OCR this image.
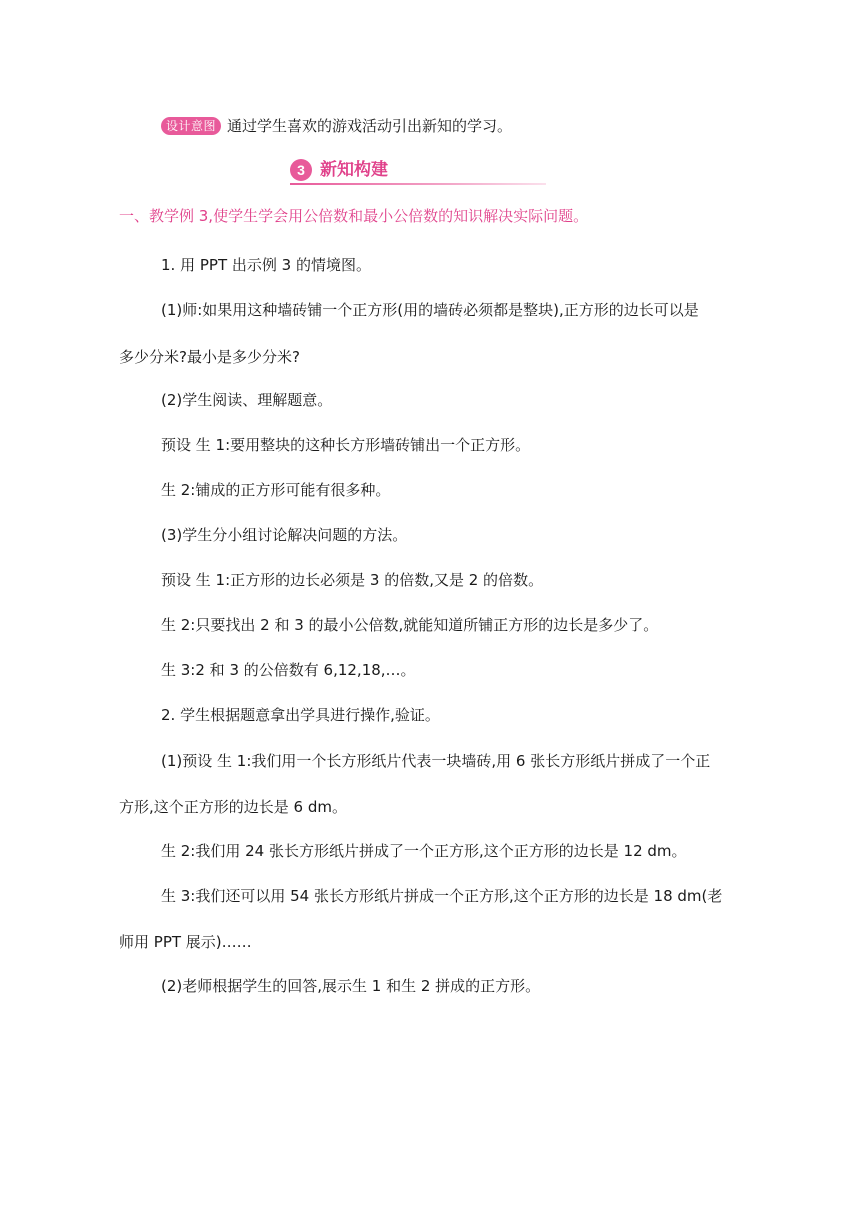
设计意图 通过学生喜欢的游戏活动引出新知的学习。
3 新知构建
一、教学例 3,使学生学会用公倍数和最小公倍数的知识解决实际问题。
1. 用 PPT 出示例 3 的情境图。
(1)师:如果用这种墙砖铺一个正方形(用的墙砖必须都是整块),正方形的边长可以是
多少分米?最小是多少分米?
(2)学生阅读、理解题意。
预设 生 1:要用整块的这种长方形墙砖铺出一个正方形。
生 2:铺成的正方形可能有很多种。
(3)学生分小组讨论解决问题的方法。
预设 生 1:正方形的边长必须是 3 的倍数,又是 2 的倍数。
生 2:只要找出 2 和 3 的最小公倍数,就能知道所铺正方形的边长是多少了。
生 3:2 和 3 的公倍数有 6,12,18,…。
2. 学生根据题意拿出学具进行操作,验证。
(1)预设 生 1:我们用一个长方形纸片代表一块墙砖,用 6 张长方形纸片拼成了一个正
方形,这个正方形的边长是 6 dm。
生 2:我们用 24 张长方形纸片拼成了一个正方形,这个正方形的边长是 12 dm。
生 3:我们还可以用 54 张长方形纸片拼成一个正方形,这个正方形的边长是 18 dm(老
师用 PPT 展示)……
(2)老师根据学生的回答,展示生 1 和生 2 拼成的正方形。
